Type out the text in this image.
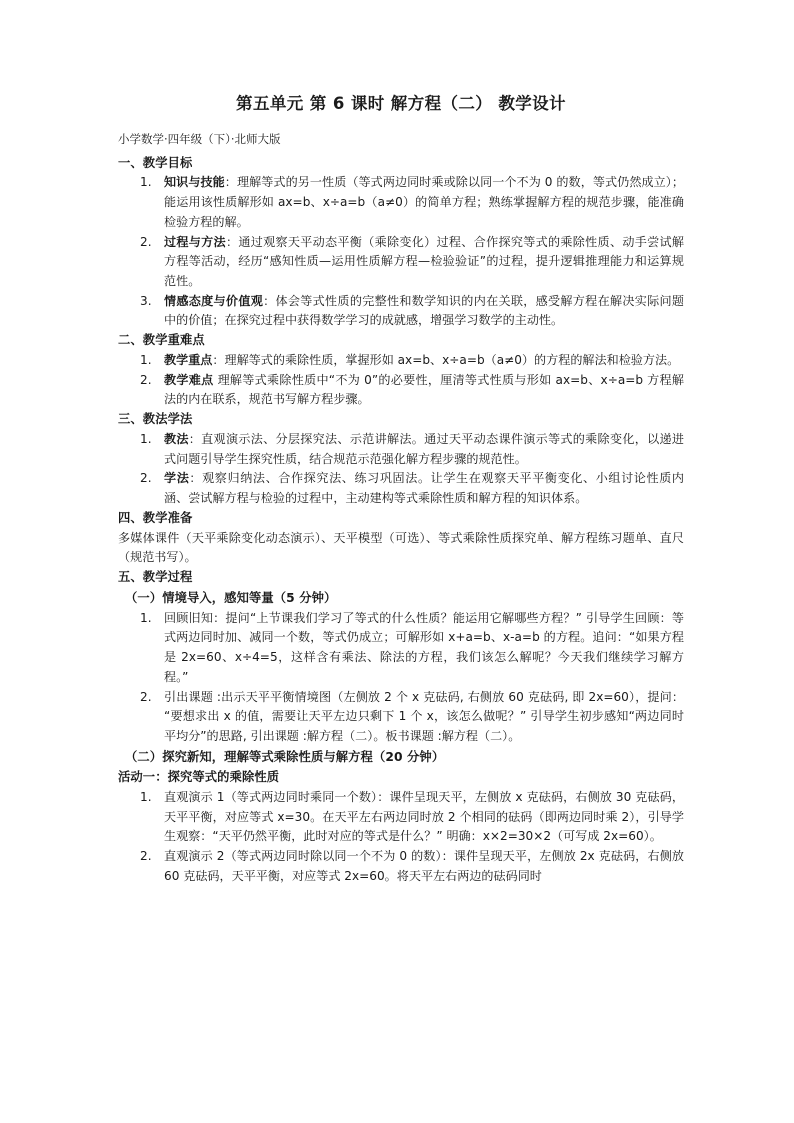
第五单元 第 6 课时 解方程（二） 教学设计

小学数学·四年级（下）·北师大版

一、教学目标
1.	知识与技能：理解等式的另一性质（等式两边同时乘或除以同一个不为 0 的数，等式仍然成立）；能运用该性质解形如 ax=b、x÷a=b（a≠0）的简单方程；熟练掌握解方程的规范步骤，能准确检验方程的解。
2.	过程与方法：通过观察天平动态平衡（乘除变化）过程、合作探究等式的乘除性质、动手尝试解方程等活动，经历“感知性质—运用性质解方程—检验验证”的过程，提升逻辑推理能力和运算规范性。
3.	情感态度与价值观：体会等式性质的完整性和数学知识的内在关联，感受解方程在解决实际问题中的价值；在探究过程中获得数学学习的成就感，增强学习数学的主动性。
二、教学重难点
1.	教学重点：理解等式的乘除性质，掌握形如 ax=b、x÷a=b（a≠0）的方程的解法和检验方法。
2.	教学难点 理解等式乘除性质中“不为 0”的必要性，厘清等式性质与形如 ax=b、x÷a=b 方程解法的内在联系，规范书写解方程步骤。
三、教法学法
1.	教法：直观演示法、分层探究法、示范讲解法。通过天平动态课件演示等式的乘除变化，以递进式问题引导学生探究性质，结合规范示范强化解方程步骤的规范性。
2.	学法：观察归纳法、合作探究法、练习巩固法。让学生在观察天平平衡变化、小组讨论性质内涵、尝试解方程与检验的过程中，主动建构等式乘除性质和解方程的知识体系。
四、教学准备

多媒体课件（天平乘除变化动态演示）、天平模型（可选）、等式乘除性质探究单、解方程练习题单、直尺（规范书写）。

五、教学过程
（一）情境导入，感知等量（5 分钟）
1.	回顾旧知：提问“上节课我们学习了等式的什么性质？能运用它解哪些方程？” 引导学生回顾：等式两边同时加、减同一个数，等式仍成立；可解形如 x+a=b、x-a=b 的方程。追问：“如果方程是 2x=60、x÷4=5，这样含有乘法、除法的方程，我们该怎么解呢？今天我们继续学习解方程。”
2.	引出课题 :出示天平平衡情境图（左侧放 2 个 x 克砝码, 右侧放 60 克砝码, 即 2x=60），提问：“要想求出 x 的值，需要让天平左边只剩下 1 个 x，该怎么做呢？” 引导学生初步感知“两边同时平均分”的思路, 引出课题 :解方程（二）。板书课题 :解方程（二）。
（二）探究新知，理解等式乘除性质与解方程（20 分钟）
活动一：探究等式的乘除性质
1.	直观演示 1（等式两边同时乘同一个数）：课件呈现天平，左侧放 x 克砝码，右侧放 30 克砝码，天平平衡，对应等式 x=30。在天平左右两边同时放 2 个相同的砝码（即两边同时乘 2），引导学生观察：“天平仍然平衡，此时对应的等式是什么？” 明确：x×2=30×2（可写成 2x=60）。
2.	直观演示 2（等式两边同时除以同一个不为 0 的数）：课件呈现天平，左侧放 2x 克砝码，右侧放 60 克砝码，天平平衡，对应等式 2x=60。将天平左右两边的砝码同时
